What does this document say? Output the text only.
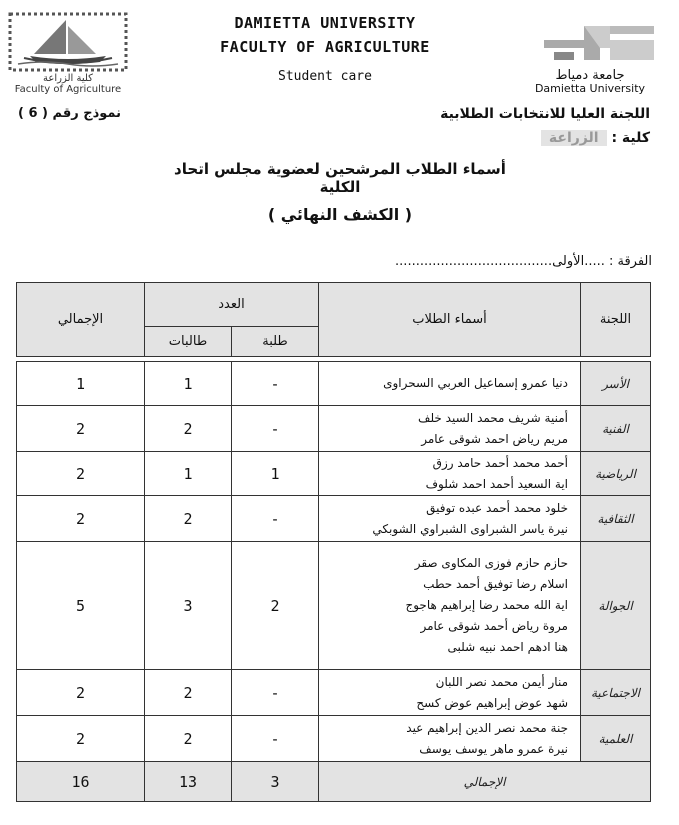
كلية الزراعة
Faculty of Agriculture
DAMIETTA UNIVERSITY
FACULTY OF AGRICULTURE
Student care	جامعة دمياط
Damietta University
نموذج رقم ( 6 )	اللجنة العليا للانتخابات الطلابية
كلية : الزراعة
أسماء الطلاب المرشحين لعضوية مجلس اتحاد الكلية
( الكشف النهائي )
الفرقة : .....الأولى......................................
اللجنة	أسماء الطلاب	العدد		الإجمالي
		طلبة	طالبات	

الأسر	دنيا عمرو إسماعيل العربي السحراوى	-	1	1
الفنية	أمنية شريف محمد السيد خلف
مريم رياض احمد شوقى عامر	-	2	2
الرياضية	أحمد محمد أحمد حامد رزق
اية السعيد أحمد احمد شلوف	1	1	2
الثقافية	خلود محمد أحمد عبده توفيق
نيرة ياسر الشبراوى الشبراوي الشوبكي	-	2	2
الجوالة	حازم حازم فوزى المكاوى صقر
اسلام رضا توفيق أحمد حطب
اية الله محمد رضا إبراهيم هاجوج
مروة رياض أحمد شوقى عامر
هنا ادهم احمد نبيه شلبى	2	3	5
الاجتماعية	منار أيمن محمد نصر اللبان
شهد عوض إبراهيم عوض كسح	-	2	2
العلمية	جنة محمد نصر الدين إبراهيم عيد
نيرة عمرو ماهر يوسف يوسف	-	2	2
الإجمالي		3	13	16
